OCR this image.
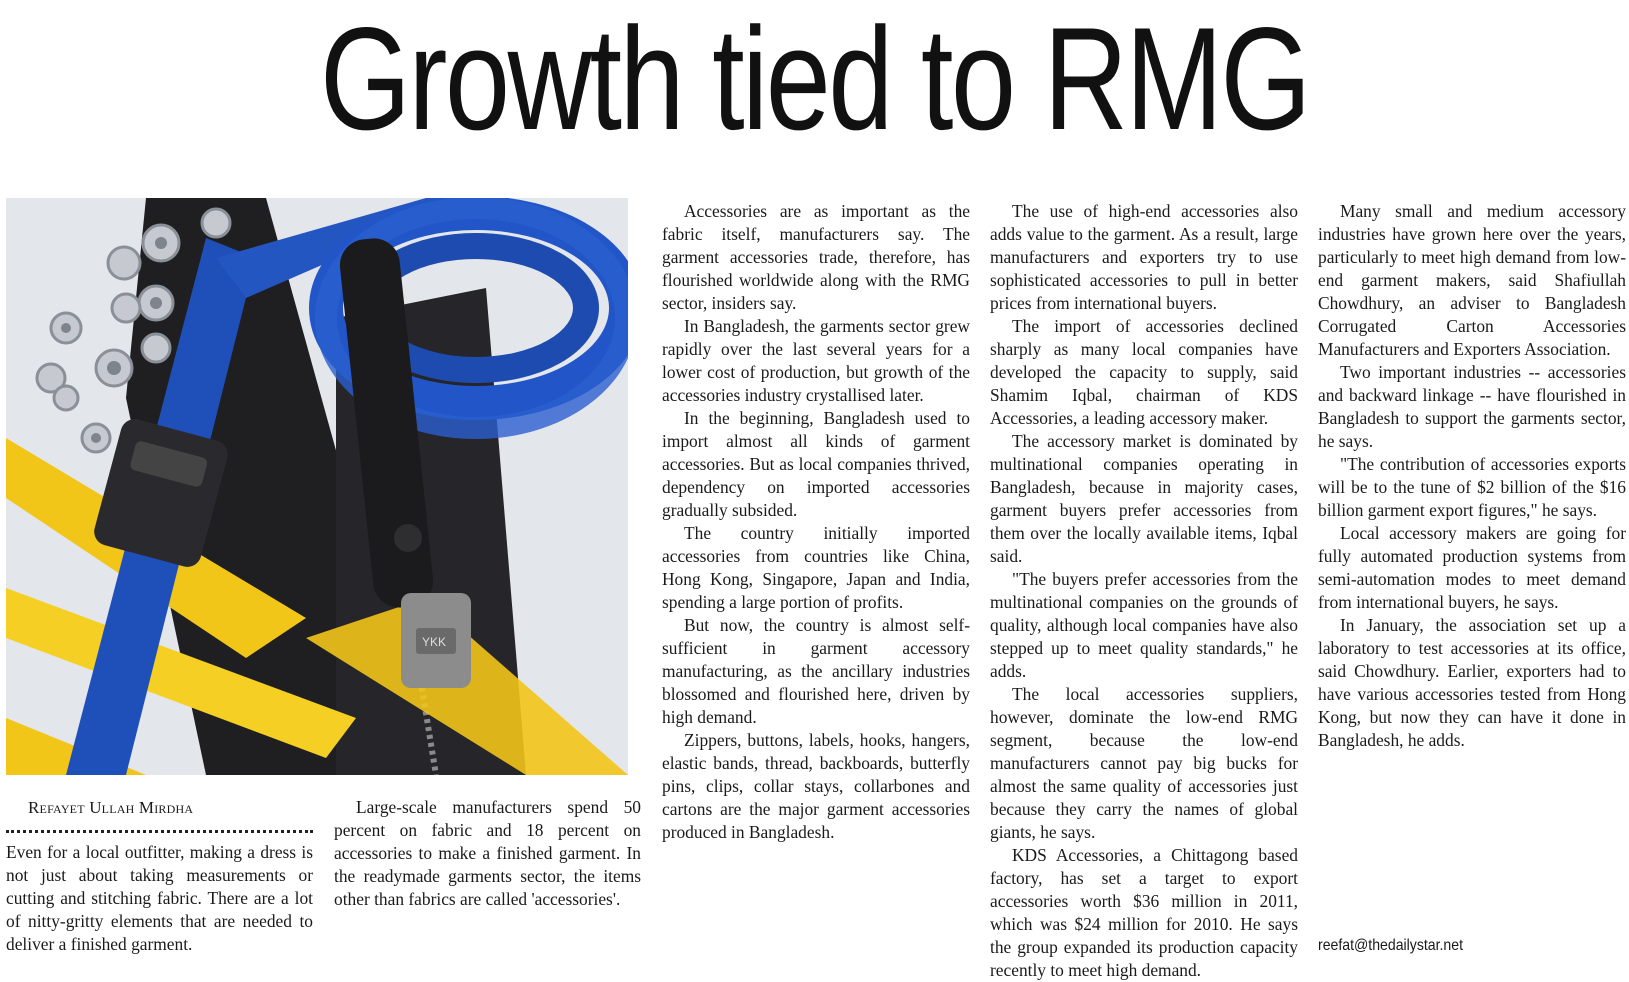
Growth tied to RMG
YKK

Refayet Ullah Mirdha

Even for a local outfitter, making a dress is not just about taking measurements or cutting and stitching fabric. There are a lot of nitty-gritty elements that are needed to deliver a finished garment.

Large-scale manufacturers spend 50 percent on fabric and 18 percent on accessories to make a finished garment. In the readymade garments sector, the items other than fabrics are called 'accessories'.

Accessories are as important as the fabric itself, manufacturers say. The garment accessories trade, therefore, has flourished worldwide along with the RMG sector, insiders say.

In Bangladesh, the garments sector grew rapidly over the last several years for a lower cost of production, but growth of the accessories industry crystallised later.

In the beginning, Bangladesh used to import almost all kinds of garment accessories. But as local companies thrived, dependency on imported accessories gradually subsided.

The country initially imported accessories from countries like China, Hong Kong, Singapore, Japan and India, spending a large portion of profits.

But now, the country is almost self-sufficient in garment accessory manufacturing, as the ancillary industries blossomed and flourished here, driven by high demand.

Zippers, buttons, labels, hooks, hangers, elastic bands, thread, backboards, butterfly pins, clips, collar stays, collarbones and cartons are the major garment accessories produced in Bangladesh.

The use of high-end accessories also adds value to the garment. As a result, large manufacturers and exporters try to use sophisticated accessories to pull in better prices from international buyers.

The import of accessories declined sharply as many local companies have developed the capacity to supply, said Shamim Iqbal, chairman of KDS Accessories, a leading accessory maker.

The accessory market is dominated by multinational companies operating in Bangladesh, because in majority cases, garment buyers prefer accessories from them over the locally available items, Iqbal said.

"The buyers prefer accessories from the multinational companies on the grounds of quality, although local companies have also stepped up to meet quality standards," he adds.

The local accessories suppliers, however, dominate the low-end RMG segment, because the low-end manufacturers cannot pay big bucks for almost the same quality of accessories just because they carry the names of global giants, he says.

KDS Accessories, a Chittagong based factory, has set a target to export accessories worth $36 million in 2011, which was $24 million for 2010. He says the group expanded its production capacity recently to meet high demand.

Many small and medium accessory industries have grown here over the years, particularly to meet high demand from low-end garment makers, said Shafiullah Chowdhury, an adviser to Bangladesh Corrugated Carton Accessories Manufacturers and Exporters Association.

Two important industries -- accessories and backward linkage -- have flourished in Bangladesh to support the garments sector, he says.

"The contribution of accessories exports will be to the tune of $2 billion of the $16 billion garment export figures," he says.

Local accessory makers are going for fully automated production systems from semi-automation modes to meet demand from international buyers, he says.

In January, the association set up a laboratory to test accessories at its office, said Chowdhury. Earlier, exporters had to have various accessories tested from Hong Kong, but now they can have it done in Bangladesh, he adds.

reefat@thedailystar.net
